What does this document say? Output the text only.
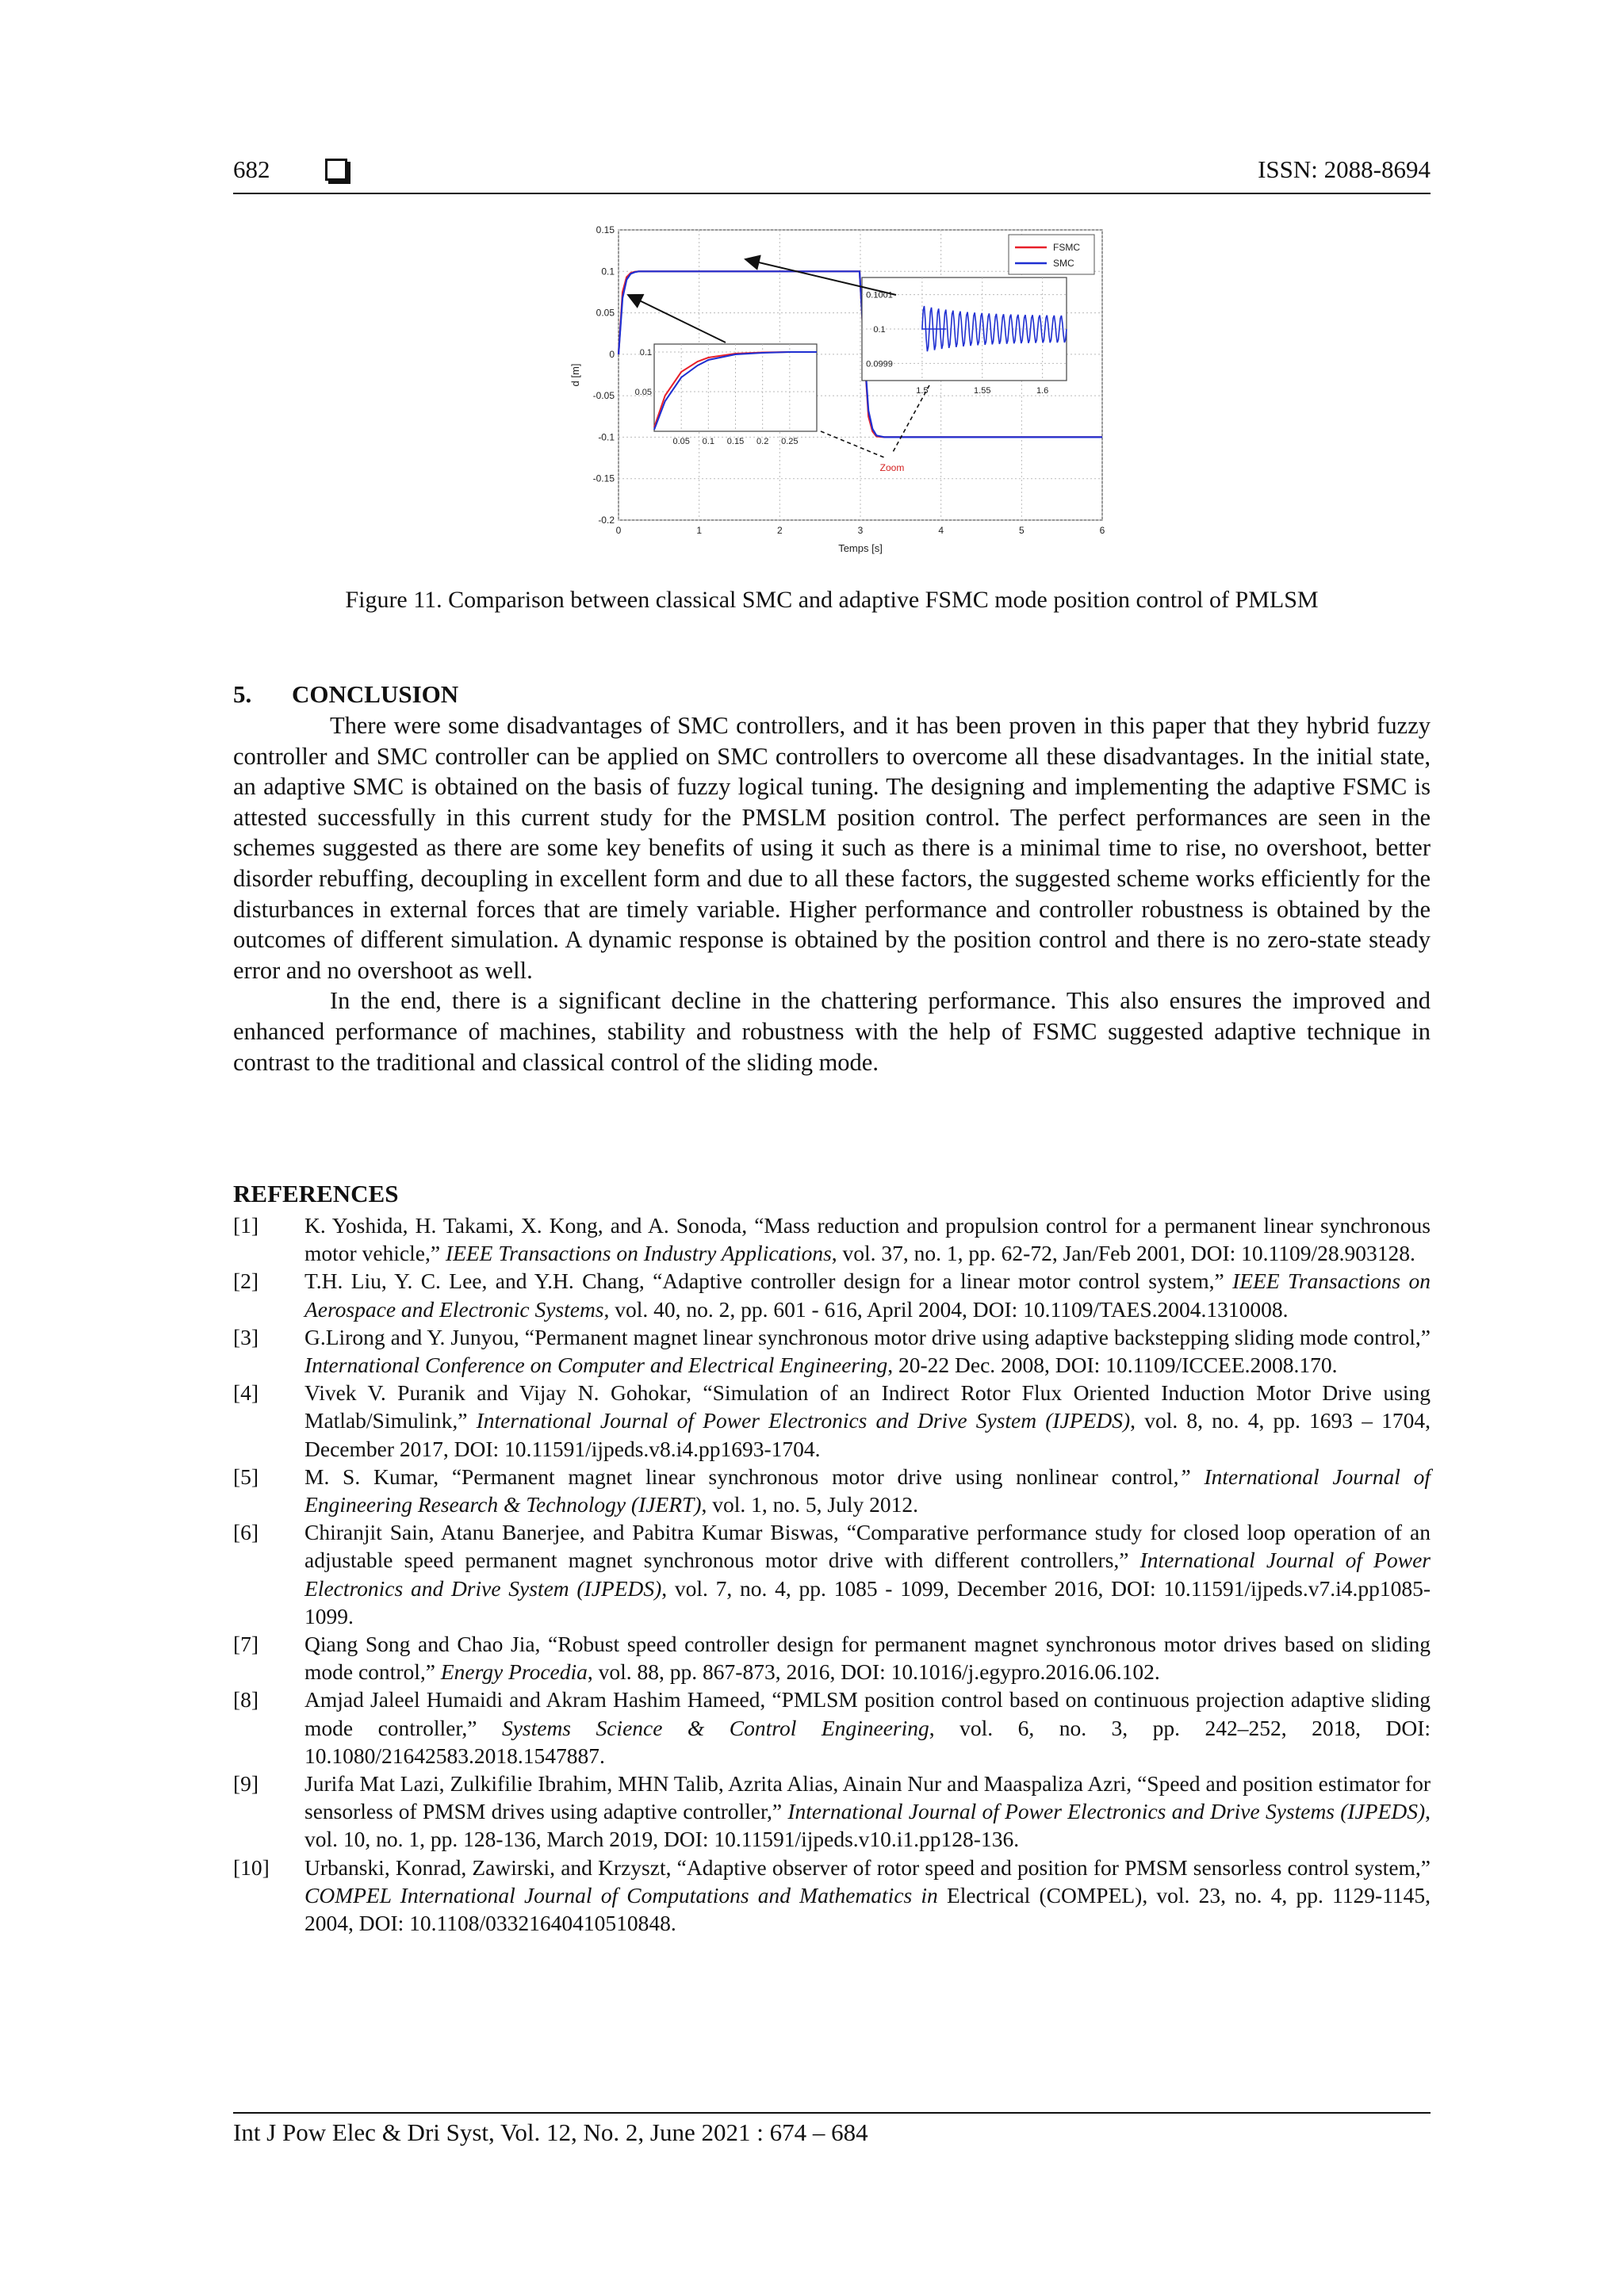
682	ISSN: 2088-8694
0	1	2	3	4	5	6
-0.2
-0.15
-0.1
-0.05
0
0.05
0.1
0.15
Temps [s]
d [m]
0.05 0.1 0.15 0.2 0.25
0.05
0.1
1.5	1.55	1.6
0.0999
0.1
0.1001
Zoom
FSMC
SMC
Figure 11. Comparison between classical SMC and adaptive FSMC mode position control of PMLSM
5. CONCLUSION

There were some disadvantages of SMC controllers, and it has been proven in this paper that they hybrid fuzzy controller and SMC controller can be applied on SMC controllers to overcome all these disadvantages. In the initial state, an adaptive SMC is obtained on the basis of fuzzy logical tuning. The designing and implementing the adaptive FSMC is attested successfully in this current study for the PMSLM position control. The perfect performances are seen in the schemes suggested as there are some key benefits of using it such as there is a minimal time to rise, no overshoot, better disorder rebuffing, decoupling in excellent form and due to all these factors, the suggested scheme works efficiently for the disturbances in external forces that are timely variable. Higher performance and controller robustness is obtained by the outcomes of different simulation. A dynamic response is obtained by the position control and there is no zero-state steady error and no overshoot as well.

In the end, there is a significant decline in the chattering performance. This also ensures the improved and enhanced performance of machines, stability and robustness with the help of FSMC suggested adaptive technique in contrast to the traditional and classical control of the sliding mode.

REFERENCES
[1]	K. Yoshida, H. Takami, X. Kong, and A. Sonoda, “Mass reduction and propulsion control for a permanent linear synchronous motor vehicle,” IEEE Transactions on Industry Applications, vol. 37, no. 1, pp. 62-72, Jan/Feb 2001, DOI: 10.1109/28.903128.
[2]	T.H. Liu, Y. C. Lee, and Y.H. Chang, “Adaptive controller design for a linear motor control system,” IEEE Transactions on Aerospace and Electronic Systems, vol. 40, no. 2, pp. 601 - 616, April 2004, DOI: 10.1109/TAES.2004.1310008.
[3]	G.Lirong and Y. Junyou, “Permanent magnet linear synchronous motor drive using adaptive backstepping sliding mode control,” International Conference on Computer and Electrical Engineering, 20-22 Dec. 2008, DOI: 10.1109/ICCEE.2008.170.
[4]	Vivek V. Puranik and Vijay N. Gohokar, “Simulation of an Indirect Rotor Flux Oriented Induction Motor Drive using Matlab/Simulink,” International Journal of Power Electronics and Drive System (IJPEDS), vol. 8, no. 4, pp. 1693 – 1704, December 2017, DOI: 10.11591/ijpeds.v8.i4.pp1693-1704.
[5]	M. S. Kumar, “Permanent magnet linear synchronous motor drive using nonlinear control,” International Journal of Engineering Research & Technology (IJERT), vol. 1, no. 5, July 2012.
[6]	Chiranjit Sain, Atanu Banerjee, and Pabitra Kumar Biswas, “Comparative performance study for closed loop operation of an adjustable speed permanent magnet synchronous motor drive with different controllers,” International Journal of Power Electronics and Drive System (IJPEDS), vol. 7, no. 4, pp. 1085 - 1099, December 2016, DOI: 10.11591/ijpeds.v7.i4.pp1085-1099.
[7]	Qiang Song and Chao Jia, “Robust speed controller design for permanent magnet synchronous motor drives based on sliding mode control,” Energy Procedia, vol. 88, pp. 867-873, 2016, DOI: 10.1016/j.egypro.2016.06.102.
[8]	Amjad Jaleel Humaidi and Akram Hashim Hameed, “PMLSM position control based on continuous projection adaptive sliding mode controller,” Systems Science & Control Engineering, vol. 6, no. 3, pp. 242–252, 2018, DOI: 10.1080/21642583.2018.1547887.
[9]	Jurifa Mat Lazi, Zulkifilie Ibrahim, MHN Talib, Azrita Alias, Ainain Nur and Maaspaliza Azri, “Speed and position estimator for sensorless of PMSM drives using adaptive controller,” International Journal of Power Electronics and Drive Systems (IJPEDS), vol. 10, no. 1, pp. 128-136, March 2019, DOI: 10.11591/ijpeds.v10.i1.pp128-136.
[10]	Urbanski, Konrad, Zawirski, and Krzyszt, “Adaptive observer of rotor speed and position for PMSM sensorless control system,” COMPEL International Journal of Computations and Mathematics in Electrical (COMPEL), vol. 23, no. 4, pp. 1129-1145, 2004, DOI: 10.1108/03321640410510848.
Int J Pow Elec & Dri Syst, Vol. 12, No. 2, June 2021 : 674 – 684
